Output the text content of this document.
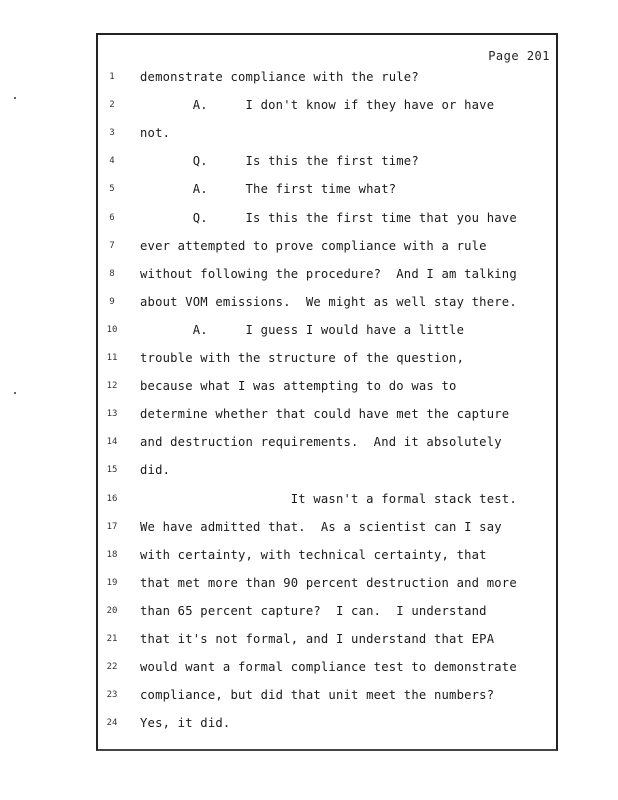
Page 201
1	demonstrate compliance with the rule?
2	A.     I don't know if they have or have
3	not.
4	Q.     Is this the first time?
5	A.     The first time what?
6	Q.     Is this the first time that you have
7	ever attempted to prove compliance with a rule
8	without following the procedure?  And I am talking
9	about VOM emissions.  We might as well stay there.
10 A.     I guess I would have a little
11 trouble with the structure of the question,
12 because what I was attempting to do was to
13 determine whether that could have met the capture
14 and destruction requirements.  And it absolutely
15 did.
16 It wasn't a formal stack test.
17 We have admitted that.  As a scientist can I say
18 with certainty, with technical certainty, that
19 that met more than 90 percent destruction and more
20 than 65 percent capture?  I can.  I understand
21 that it's not formal, and I understand that EPA
22 would want a formal compliance test to demonstrate
23 compliance, but did that unit meet the numbers?
24 Yes, it did.
